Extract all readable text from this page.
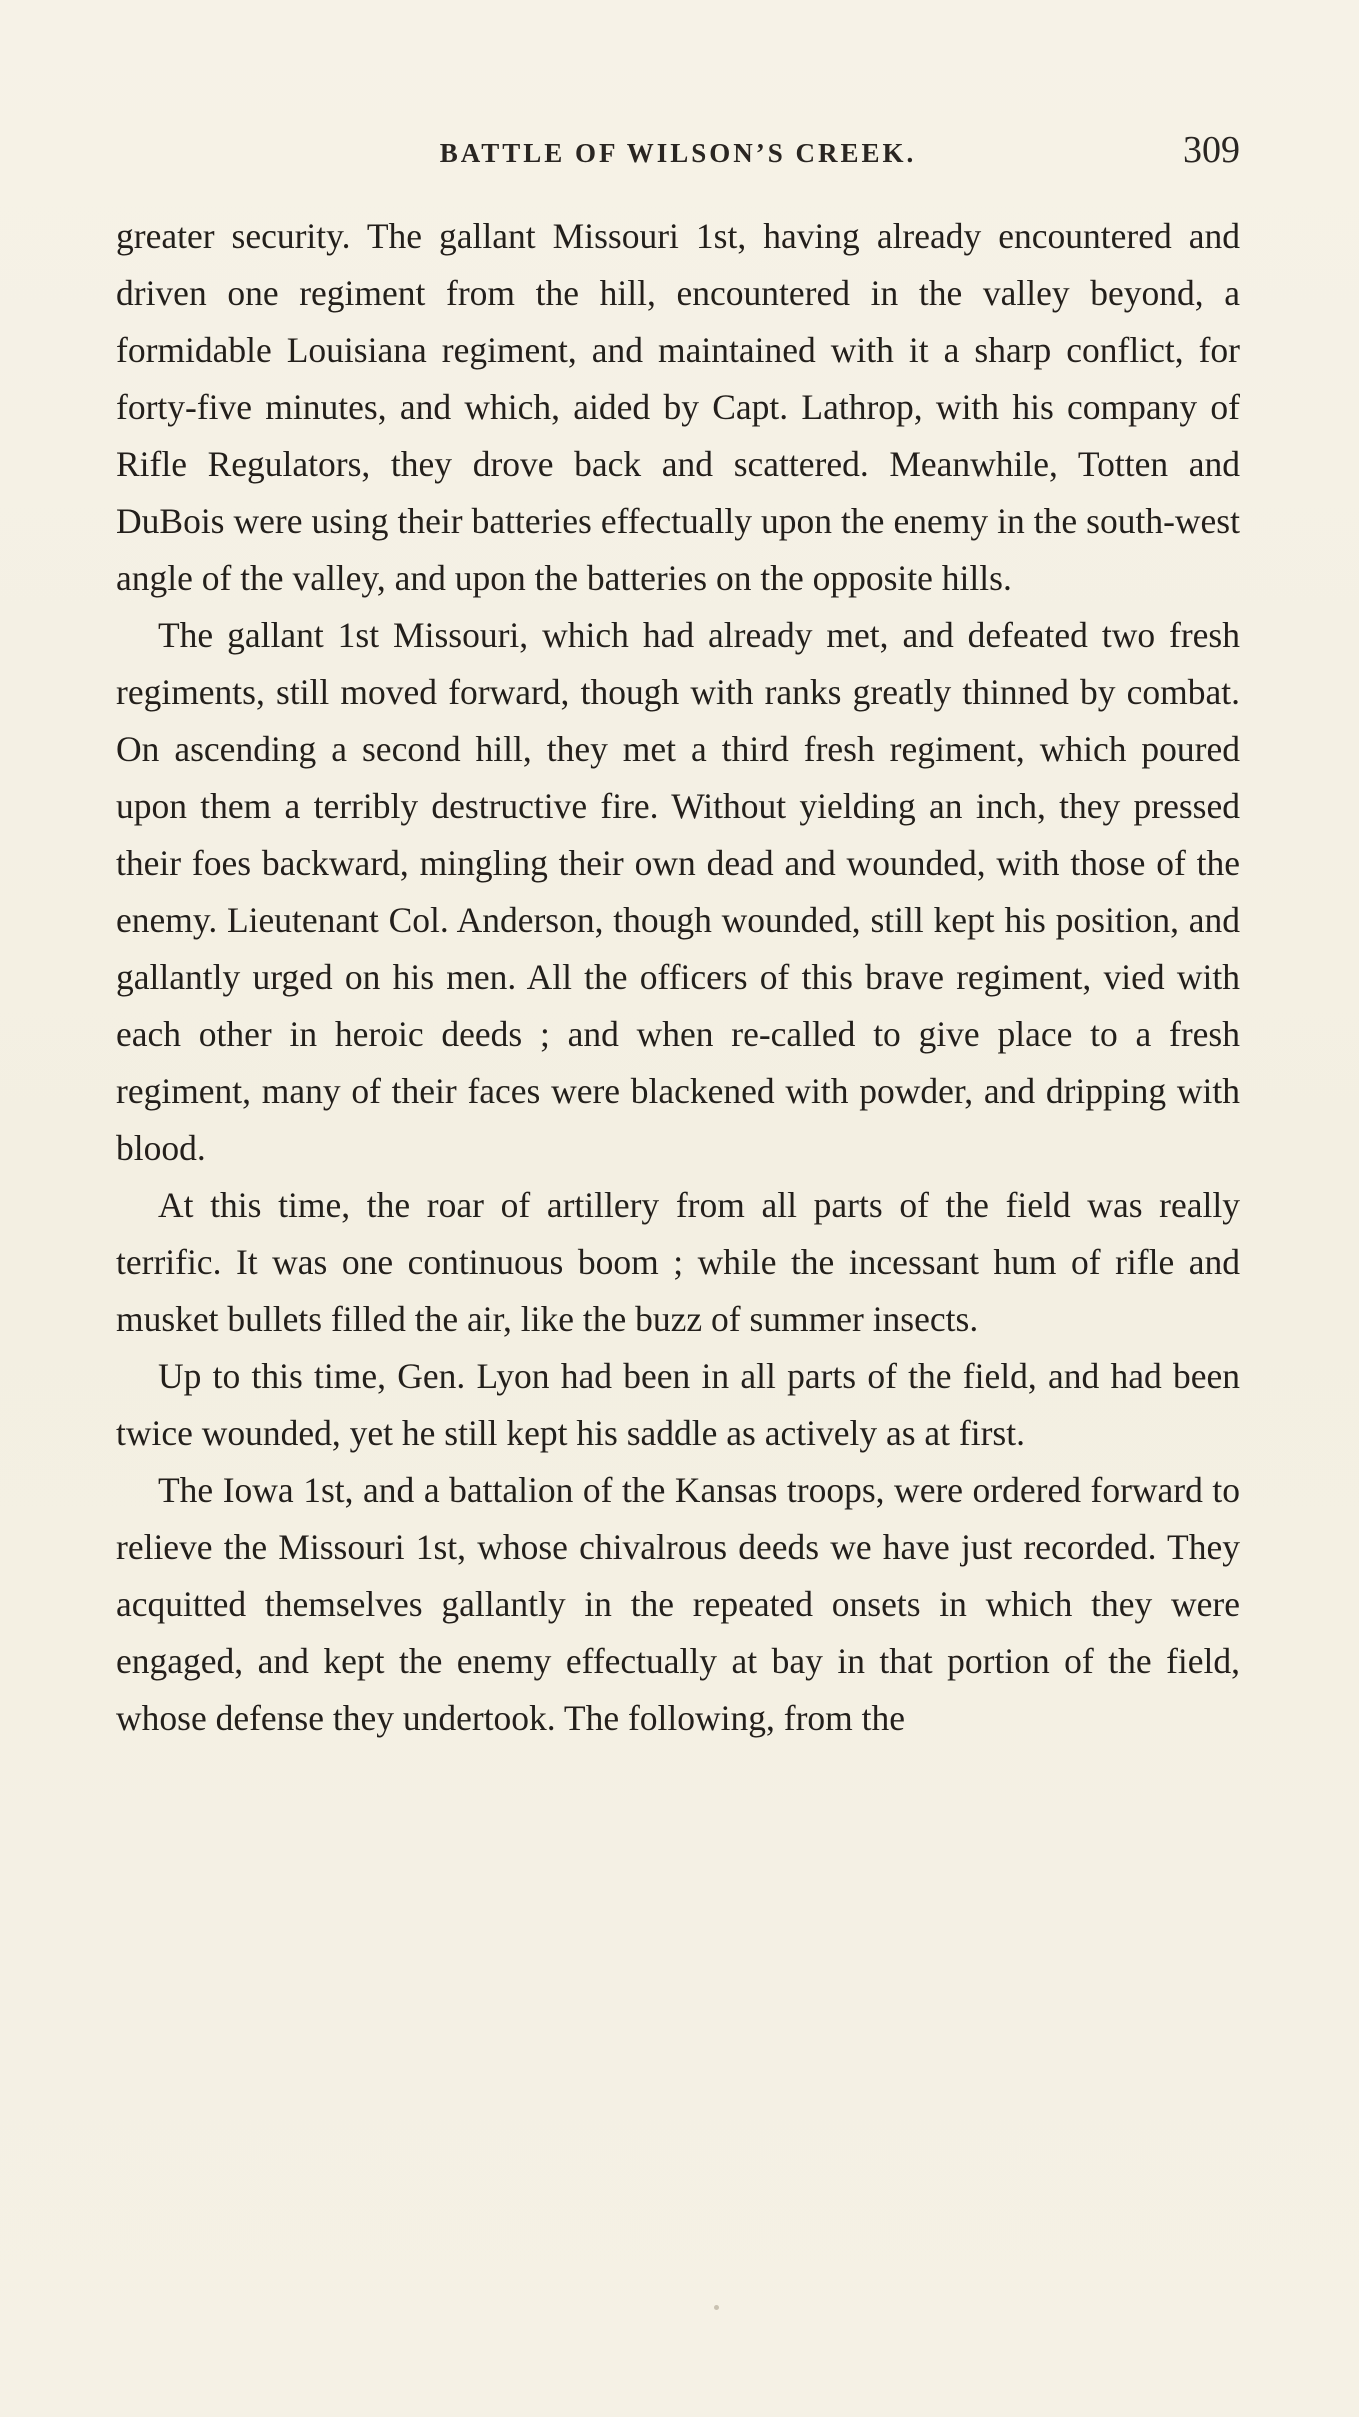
BATTLE OF WILSON’S CREEK.	309

greater security. The gallant Missouri 1st, having already encountered and driven one regiment from the hill, encountered in the valley beyond, a formidable Louisiana regiment, and maintained with it a sharp conflict, for forty-five minutes, and which, aided by Capt. Lathrop, with his company of Rifle Regulators, they drove back and scattered. Meanwhile, Totten and DuBois were using their batteries effectually upon the enemy in the south-west angle of the valley, and upon the batteries on the opposite hills.

The gallant 1st Missouri, which had already met, and defeated two fresh regiments, still moved forward, though with ranks greatly thinned by combat. On ascending a second hill, they met a third fresh regiment, which poured upon them a terribly destructive fire. Without yielding an inch, they pressed their foes backward, mingling their own dead and wounded, with those of the enemy. Lieutenant Col. Anderson, though wounded, still kept his position, and gallantly urged on his men. All the officers of this brave regiment, vied with each other in heroic deeds ; and when re-called to give place to a fresh regiment, many of their faces were blackened with powder, and dripping with blood.

At this time, the roar of artillery from all parts of the field was really terrific. It was one continuous boom ; while the incessant hum of rifle and musket bullets filled the air, like the buzz of summer insects.

Up to this time, Gen. Lyon had been in all parts of the field, and had been twice wounded, yet he still kept his saddle as actively as at first.

The Iowa 1st, and a battalion of the Kansas troops, were ordered forward to relieve the Missouri 1st, whose chivalrous deeds we have just recorded. They acquitted themselves gallantly in the repeated onsets in which they were engaged, and kept the enemy effectually at bay in that portion of the field, whose defense they undertook. The following, from the
